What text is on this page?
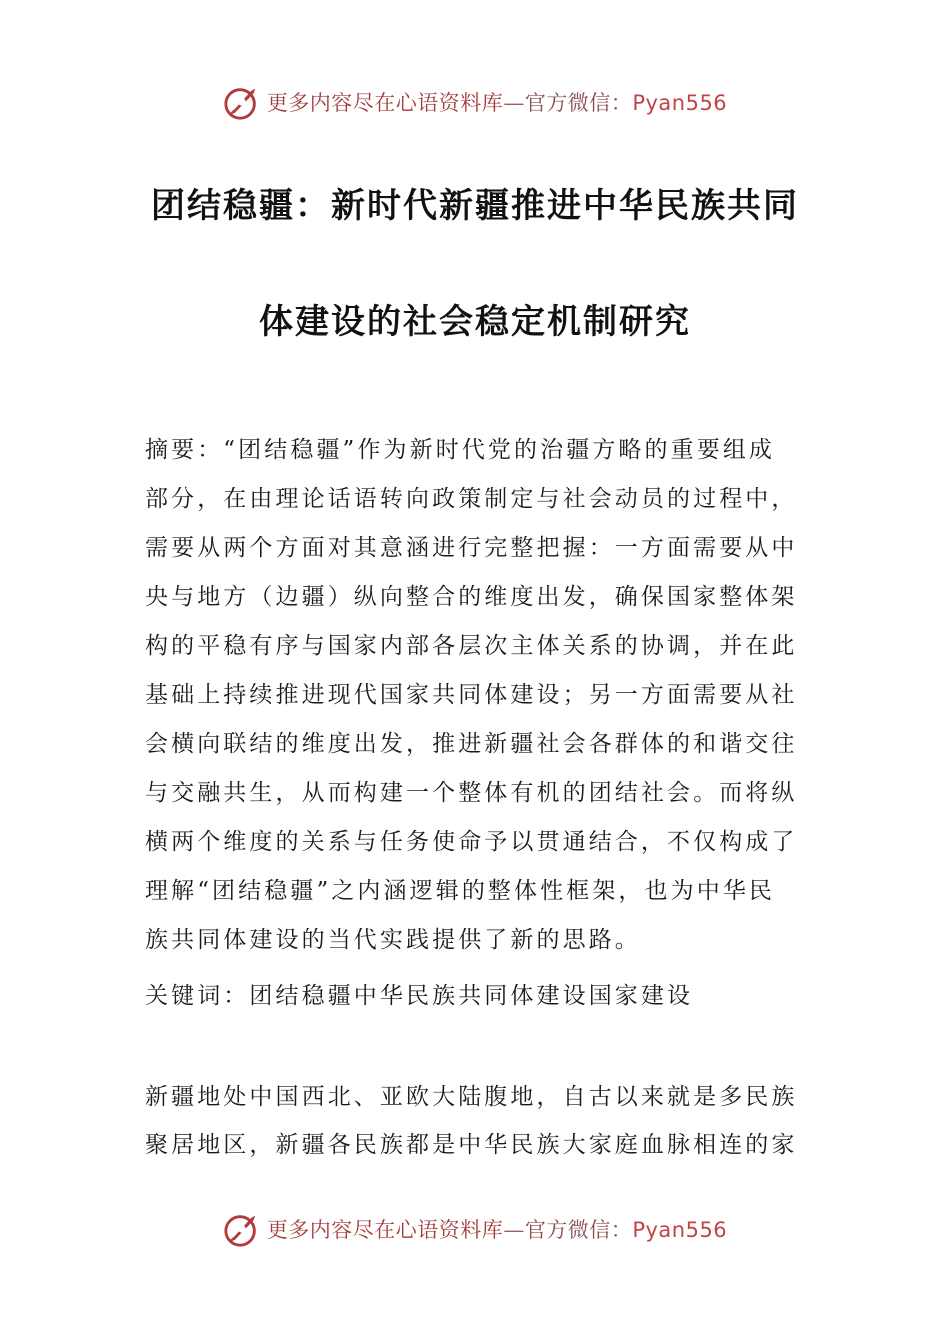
更多内容尽在心语资料库—官方微信：Pyan556
团结稳疆：新时代新疆推进中华民族共同
体建设的社会稳定机制研究
摘要：“团结稳疆”作为新时代党的治疆方略的重要组成
部分，在由理论话语转向政策制定与社会动员的过程中，
需要从两个方面对其意涵进行完整把握：一方面需要从中
央与地方（边疆）纵向整合的维度出发，确保国家整体架
构的平稳有序与国家内部各层次主体关系的协调，并在此
基础上持续推进现代国家共同体建设；另一方面需要从社
会横向联结的维度出发，推进新疆社会各群体的和谐交往
与交融共生，从而构建一个整体有机的团结社会。而将纵
横两个维度的关系与任务使命予以贯通结合，不仅构成了
理解“团结稳疆”之内涵逻辑的整体性框架，也为中华民
族共同体建设的当代实践提供了新的思路。
关键词：团结稳疆中华民族共同体建设国家建设
新疆地处中国西北、亚欧大陆腹地，自古以来就是多民族
聚居地区，新疆各民族都是中华民族大家庭血脉相连的家
更多内容尽在心语资料库—官方微信：Pyan556
